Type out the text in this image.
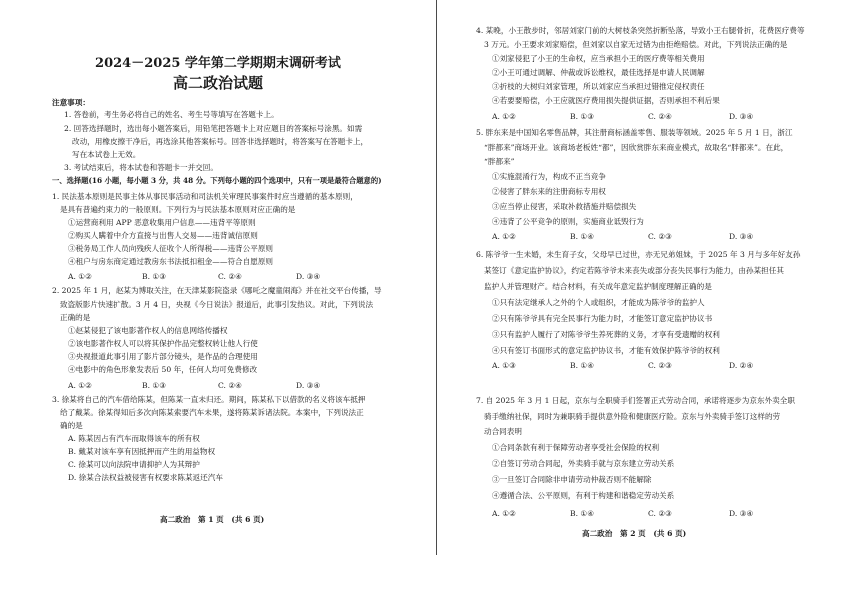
2024－2025 学年第二学期期末调研考试
高二政治试题
注意事项：
1. 答卷前，考生务必将自己的姓名、考生号等填写在答题卡上。
2. 回答选择题时，选出每小题答案后，用铅笔把答题卡上对应题目的答案标号涂黑。如需
改动，用橡皮擦干净后，再选涂其他答案标号。回答非选择题时，将答案写在答题卡上，
写在本试卷上无效。
3. 考试结束后，将本试卷和答题卡一并交回。
一、选择题(16 小题，每小题 3 分，共 48 分。下列每小题的四个选项中，只有一项是最符合题意的)
1. 民法基本原则是民事主体从事民事活动和司法机关审理民事案件时应当遵循的基本原则，
是具有普遍约束力的一般原则。下列行为与民法基本原则对应正确的是
①运营商利用 APP 恶意收集用户信息——违背平等原则
②购买人瞒着中介方直接与出售人交易——违背诚信原则
③税务局工作人员向残疾人征收个人所得税——违背公平原则
④租户与房东商定通过教房东书法抵扣租金——符合自愿原则
A. ①②	B. ①③	C. ②④	D. ③④
2. 2025 年 1 月，赵某为博取关注，在天津某影院盗录《哪吒之魔童闹海》并在社交平台传播，导
致盗版影片快速扩散。3 月 4 日，央视《今日说法》报道后，此事引发热议。对此，下列说法
正确的是
①赵某侵犯了该电影著作权人的信息网络传播权
②该电影著作权人可以将其保护作品完整权转让他人行使
③央视报道此事引用了影片部分镜头，是作品的合理使用
④电影中的角色形象发表后 50 年，任何人均可免费修改
A. ①②	B. ①③	C. ②④	D. ③④
3. 徐某将自己的汽车借给陈某，但陈某一直未归还。期间，陈某私下以借款的名义将该车抵押
给了戴某。徐某得知后多次向陈某索要汽车未果，遂将陈某诉诸法院。本案中，下列说法正
确的是
A. 陈某因占有汽车而取得该车的所有权
B. 戴某对该车享有因抵押而产生的用益物权
C. 徐某可以向法院申请抑护人为其辩护
D. 徐某合法权益被侵害有权要求陈某返还汽车
高二政治　第 1 页　(共 6 页)
4. 某晚，小王散步时，邻居刘家门前的大树枝条突然折断坠落，导致小王右腿骨折，花费医疗费等
3 万元。小王要求刘家赔偿，但刘家以自家无过错为由拒绝赔偿。对此，下列说法正确的是
①刘家侵犯了小王的生命权，应当承担小王的医疗费等相关费用
②小王可通过调解、仲裁或诉讼维权，最佳选择是申请人民调解
③折枝的大树归刘家管理，所以刘家应当承担过错推定侵权责任
④若要要赔偿，小王应就医疗费用损失提供证据，否则承担不利后果
A. ①②	B. ①③	C. ②④	D. ③④
5. 胖东来是中国知名零售品牌，其注册商标涵盖零售、服装等领域。2025 年 5 月 1 日，浙江
“胖都来”商场开业。该商场老板姓“都”，因欣赏胖东来商业模式，故取名“胖都来”。在此，
“胖都来”
①实施混淆行为，构成不正当竞争
②侵害了胖东来的注册商标专用权
③应当停止侵害，采取补救措施并赔偿损失
④违背了公平竞争的原则，实施商业诋毁行为
A. ①②	B. ①④	C. ②③	D. ③④
6. 陈爷爷一生未婚，未生育子女，父母早已过世，亦无兄弟姐妹，于 2025 年 3 月与多年好友孙
某签订《意定监护协议》，约定若陈爷爷未来丧失或部分丧失民事行为能力，由孙某担任其
监护人并管理财产。结合材料，有关成年意定监护制度理解正确的是
①只有法定继承人之外的个人或组织，才能成为陈爷爷的监护人
②只有陈爷爷具有完全民事行为能力时，才能签订意定监护协议书
③只有监护人履行了对陈爷爷生养死葬的义务，才享有受遗赠的权利
④只有签订书面形式的意定监护协议书，才能有效保护陈爷爷的权利
A. ①③	B. ①④	C. ②③	D. ②④
7. 自 2025 年 3 月 1 日起，京东与全职骑手们签署正式劳动合同，承诺将逐步为京东外卖全职
骑手缴纳社保，同时为兼职骑手提供意外险和健康医疗险。京东与外卖骑手签订这样的劳
动合同表明
①合同条款有利于保障劳动者享受社会保险的权利
②自签订劳动合同起，外卖骑手就与京东建立劳动关系
③一旦签订合同除非申请劳动仲裁否则不能解除
④遵循合法、公平原则，有利于构建和谐稳定劳动关系
A. ①②	B. ①④	C. ②③	D. ③④
高二政治　第 2 页　(共 6 页)
